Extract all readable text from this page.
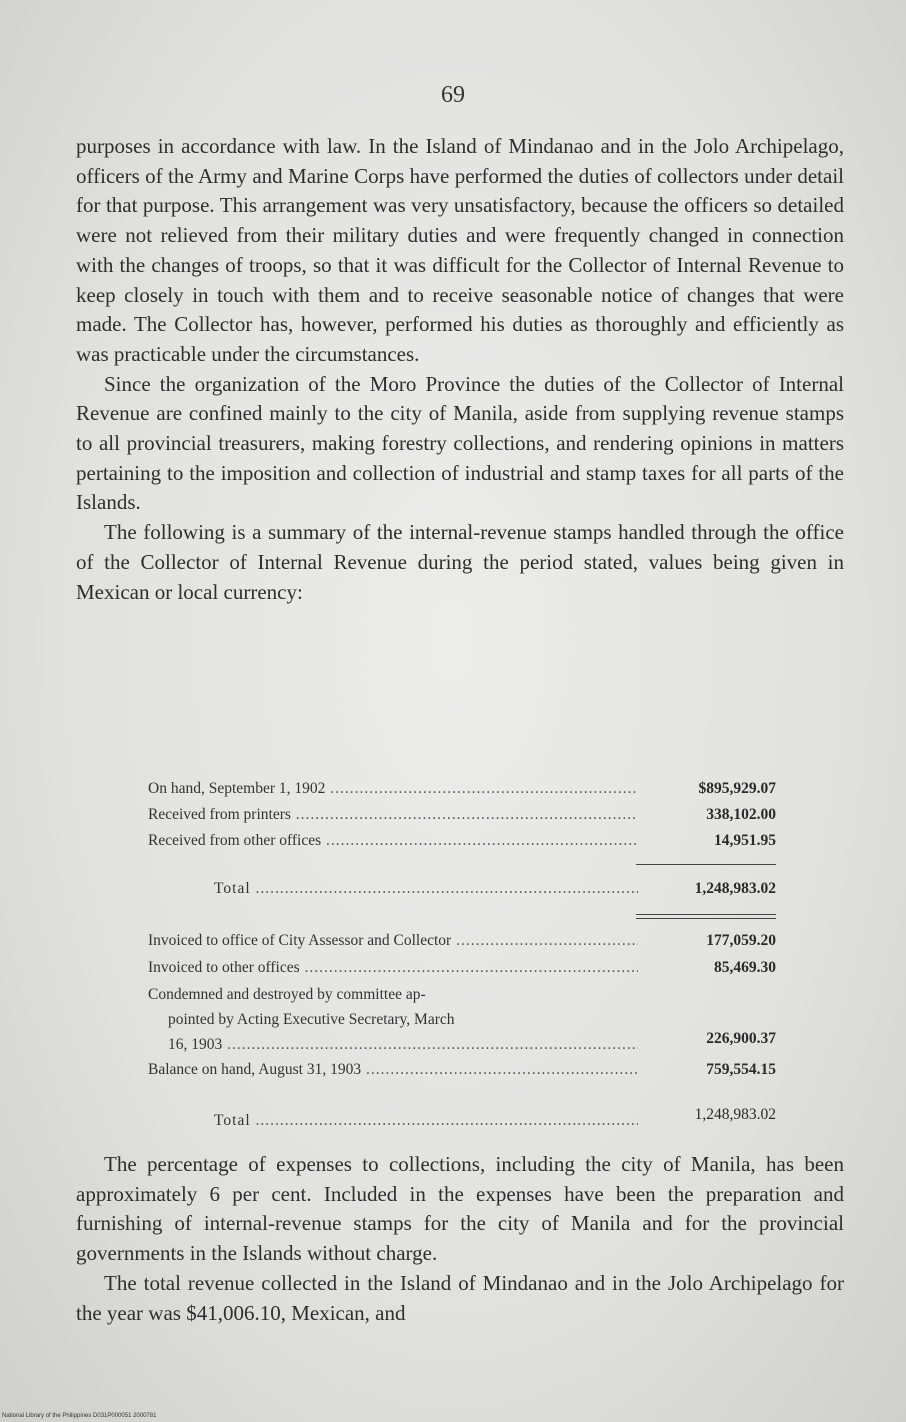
69

purposes in accordance with law. In the Island of Mindanao and in the Jolo Archipelago, officers of the Army and Marine Corps have performed the duties of collectors under detail for that purpose. This arrangement was very unsatisfactory, because the officers so detailed were not relieved from their military duties and were frequently changed in connection with the changes of troops, so that it was difficult for the Collector of Internal Revenue to keep closely in touch with them and to receive seasonable notice of changes that were made. The Collector has, however, performed his duties as thoroughly and efficiently as was practicable under the circumstances.

Since the organization of the Moro Province the duties of the Collector of Internal Revenue are confined mainly to the city of Manila, aside from supplying revenue stamps to all provincial treasurers, making forestry collections, and rendering opinions in matters pertaining to the imposition and collection of industrial and stamp taxes for all parts of the Islands.

The following is a summary of the internal-revenue stamps handled through the office of the Collector of Internal Revenue during the period stated, values being given in Mexican or local currency:

On hand, September 1, 1902 .....	$895,929.07
Received from printers .....	338,102.00
Received from other offices .....	14,951.95
Total .....	1,248,983.02
Invoiced to office of City Assessor and Collector .....	177,059.20
Invoiced to other offices .....	85,469.30
Condemned and destroyed by committee ap-
pointed by Acting Executive Secretary, March
16, 1903 .....	226,900.37
Balance on hand, August 31, 1903 .....	759,554.15
Total .....	1,248,983.02

The percentage of expenses to collections, including the city of Manila, has been approximately 6 per cent. Included in the expenses have been the preparation and furnishing of internal-revenue stamps for the city of Manila and for the provincial governments in the Islands without charge.

The total revenue collected in the Island of Mindanao and in the Jolo Archipelago for the year was $41,006.10, Mexican, and

National Library of the Philippines D031P000051 2000781
